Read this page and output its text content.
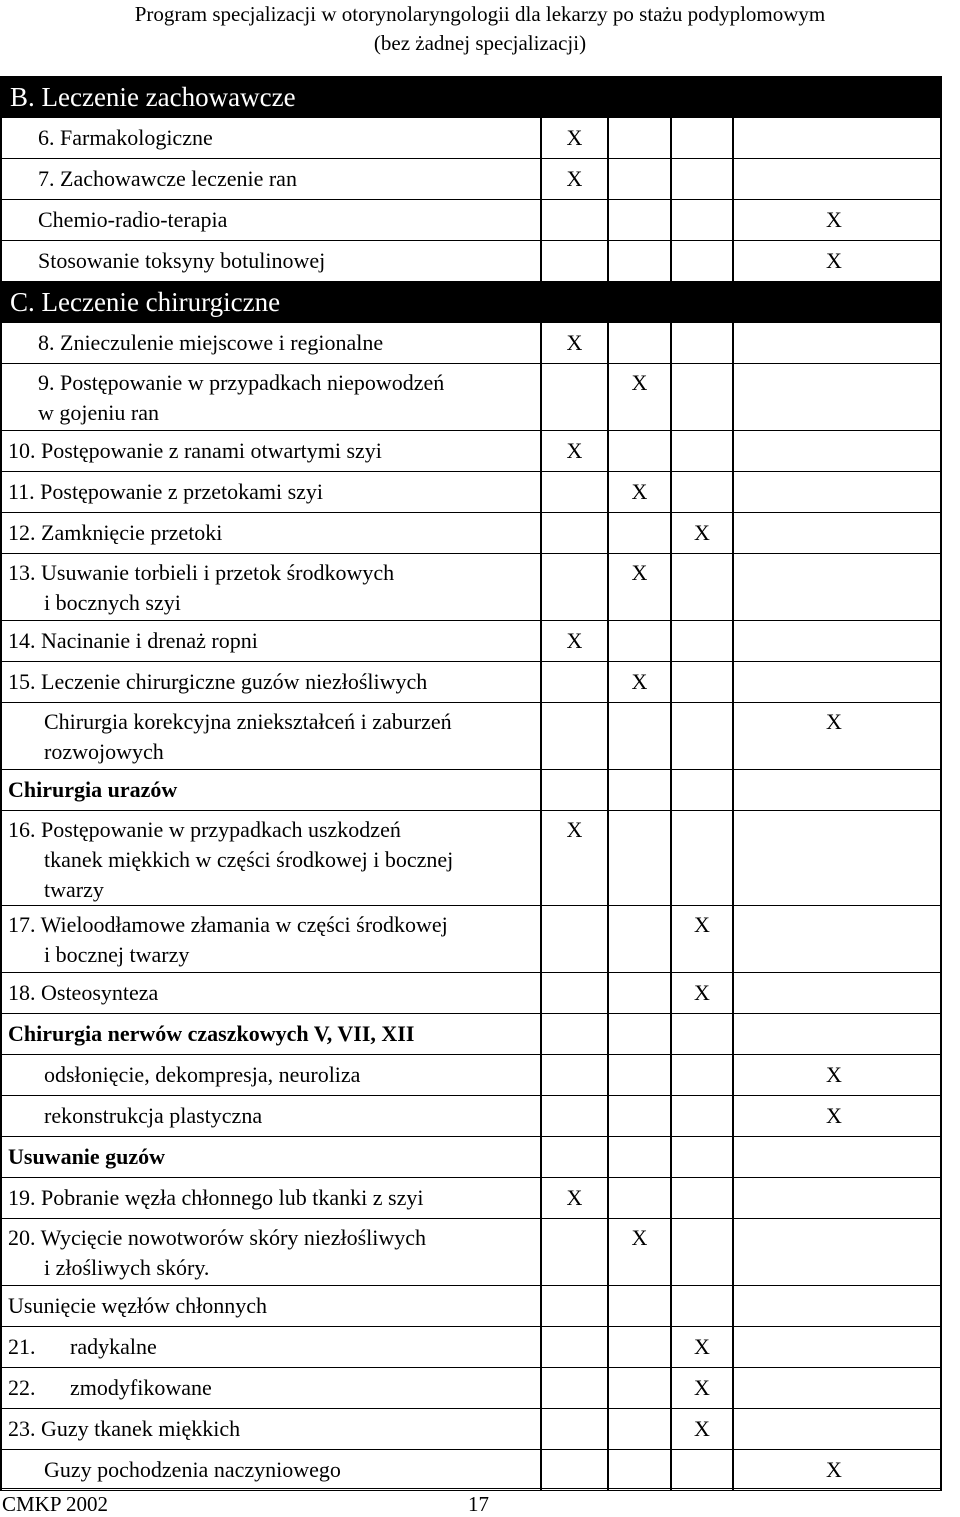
Program specjalizacji w otorynolaryngologii dla lekarzy po stażu podyplomowym
(bez żadnej specjalizacji)
B. Leczenie zachowawcze				

6. Farmakologiczne	X			

7. Zachowawcze leczenie ran	X			

Chemio-radio-terapia				X

Stosowanie toksyny botulinowej				X

C. Leczenie chirurgiczne				

8. Znieczulenie miejscowe i regionalne	X			

9. Postępowanie w przypadkach niepowodzeń
w gojeniu ran		X		

10. Postępowanie z ranami otwartymi szyi	X			

11. Postępowanie z przetokami szyi		X		

12. Zamknięcie przetoki			X	

13. Usuwanie torbieli i przetok środkowych
i bocznych szyi		X		

14. Nacinanie i drenaż ropni	X			

15. Leczenie chirurgiczne guzów niezłośliwych		X		

Chirurgia korekcyjna zniekształceń i zaburzeń
rozwojowych				X

Chirurgia urazów				

16. Postępowanie w przypadkach uszkodzeń
tkanek miękkich w części środkowej i bocznej
twarzy	X			

17. Wieloodłamowe złamania w części środkowej
i bocznej twarzy			X	

18. Osteosynteza			X	

Chirurgia nerwów czaszkowych V, VII, XII				

odsłonięcie, dekompresja, neuroliza				X

rekonstrukcja plastyczna				X

Usuwanie guzów				

19. Pobranie węzła chłonnego lub tkanki z szyi	X			

20. Wycięcie nowotworów skóry niezłośliwych
i złośliwych skóry.		X		

Usunięcie węzłów chłonnych				

21. radykalne			X	
22. zmodyfikowane			X	

23. Guzy tkanek miękkich			X	

Guzy pochodzenia naczyniowego				X
CMKP 2002	17
